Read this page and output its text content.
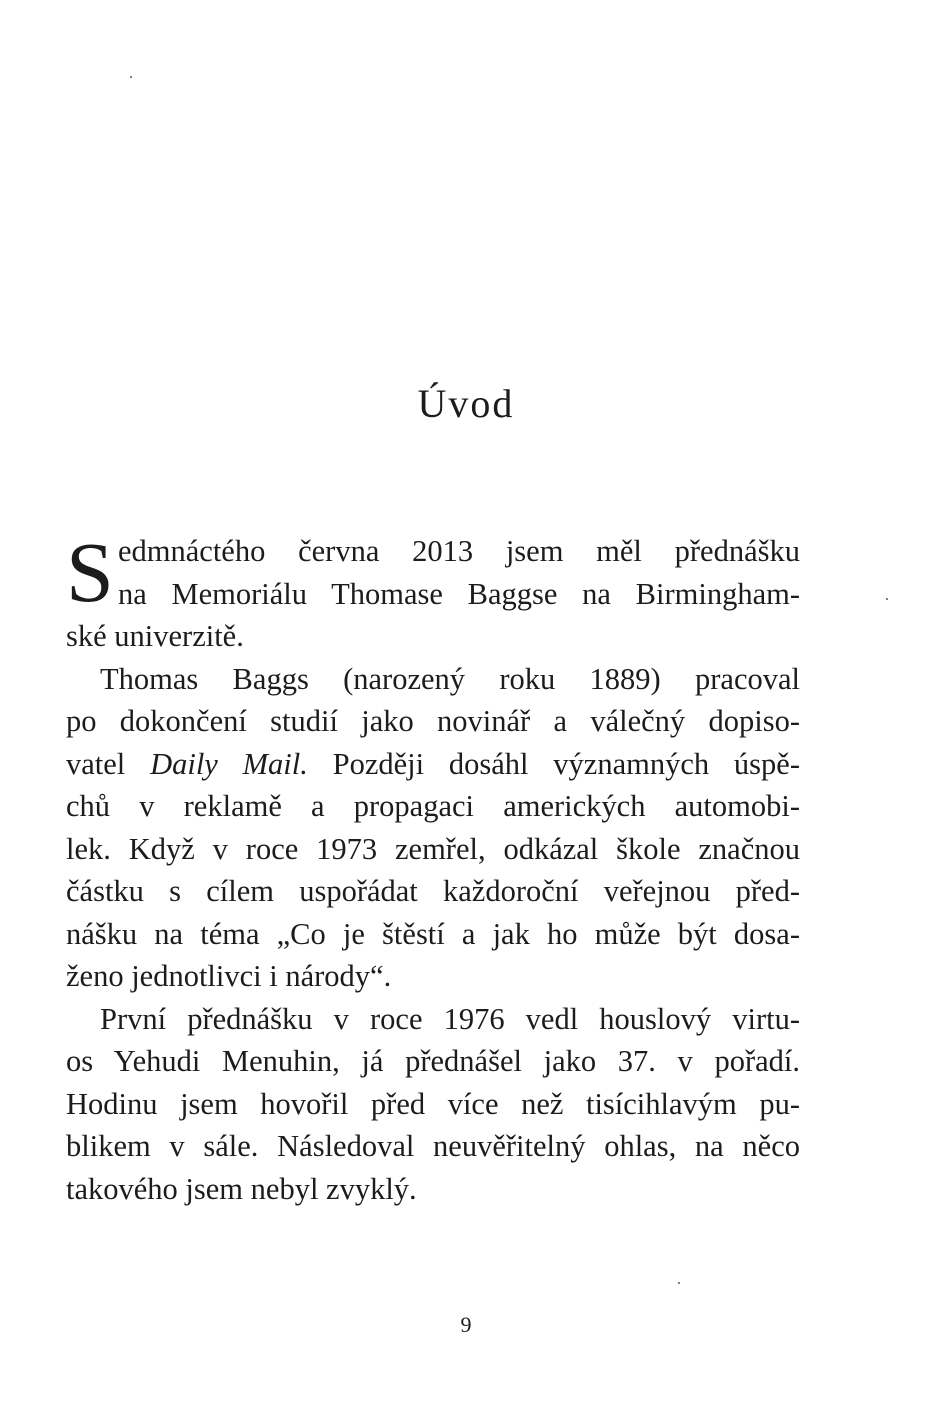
Úvod
S edmnáctého června 2013 jsem měl přednášku
na Memoriálu Thomase Baggse na Birmingham-
ské univerzitě.
Thomas Baggs (narozený roku 1889) pracoval
po dokončení studií jako novinář a válečný dopiso-
vatel Daily Mail. Později dosáhl významných úspě-
chů v reklamě a propagaci amerických automobi-
lek. Když v roce 1973 zemřel, odkázal škole značnou
částku s cílem uspořádat každoroční veřejnou před-
nášku na téma „Co je štěstí a jak ho může být dosa-
ženo jednotlivci i národy“.
První přednášku v roce 1976 vedl houslový virtu-
os Yehudi Menuhin, já přednášel jako 37. v pořadí.
Hodinu jsem hovořil před více než tisícihlavým pu-
blikem v sále. Následoval neuvěřitelný ohlas, na něco
takového jsem nebyl zvyklý.
9
